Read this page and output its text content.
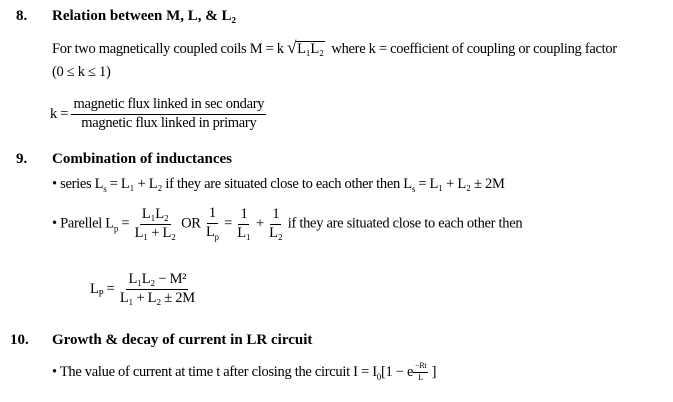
8. Relation between M, L, & L₂
For two magnetically coupled coils M = k √L₁L₂ where k = coefficient of coupling or coupling factor
(0 ≤ k ≤ 1)
$k = \frac{\text{magnetic flux linked in sec ondary}}{\text{magnetic flux linked in primary}}$
9. Combination of inductances
• series $L_s = L_1 + L_2$ if they are situated close to each other then $L_s = L_1 + L_2 \pm 2M$
• Parellel $L_p = \frac{\text{L₁L₂}}{\text{L₁ + L₂}}$ OR $\frac{1}{L_p} = \frac{1}{\text{L₁}} + \frac{1}{\text{L₂}}$ if they are situated close to each other then
$L_P = \frac{\text{L₁L₂ − M²}}{\text{L₁ + L₂ ± 2M}}$
10. Growth & decay of current in LR circuit
• The value of current at time t after closing the circuit $I = I_0[1 - e$ $^{\frac{-Rt}{L}}$ ]
